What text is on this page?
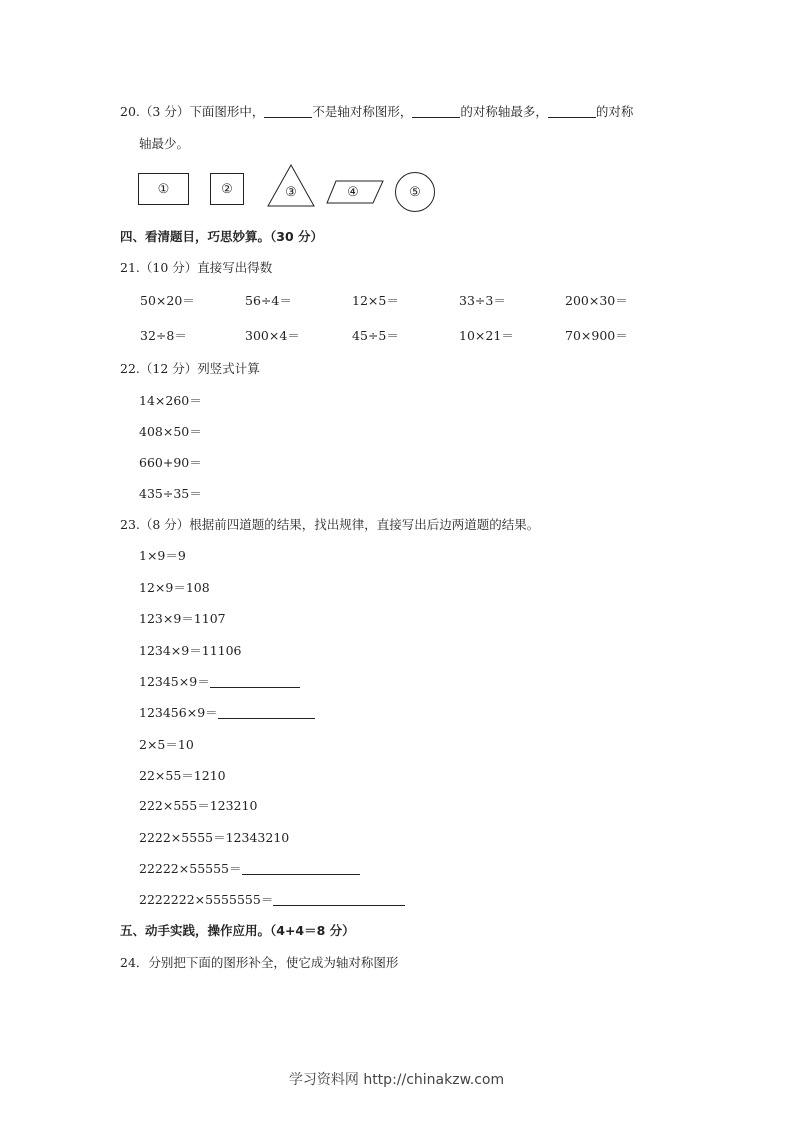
20.（3 分）下面图形中，	不是轴对称图形，	的对称轴最多，	的对称
轴最少。
①	②	③	④	⑤
四、看清题目，巧思妙算。（30 分）
21.（10 分）直接写出得数
50×20＝	56÷4＝	12×5＝	33÷3＝	200×30＝
32÷8＝	300×4＝	45÷5＝	10×21＝	70×900＝
22.（12 分）列竖式计算
14×260＝
408×50＝
660+90＝
435÷35＝
23.（8 分）根据前四道题的结果，找出规律，直接写出后边两道题的结果。
1×9＝9
12×9＝108
123×9＝1107
1234×9＝11106
12345×9＝
123456×9＝
2×5＝10
22×55＝1210
222×555＝123210
2222×5555＝12343210
22222×55555＝
2222222×5555555＝
五、动手实践，操作应用。（4+4＝8 分）
24．分别把下面的图形补全，使它成为轴对称图形
学习资料网 http://chinakzw.com
